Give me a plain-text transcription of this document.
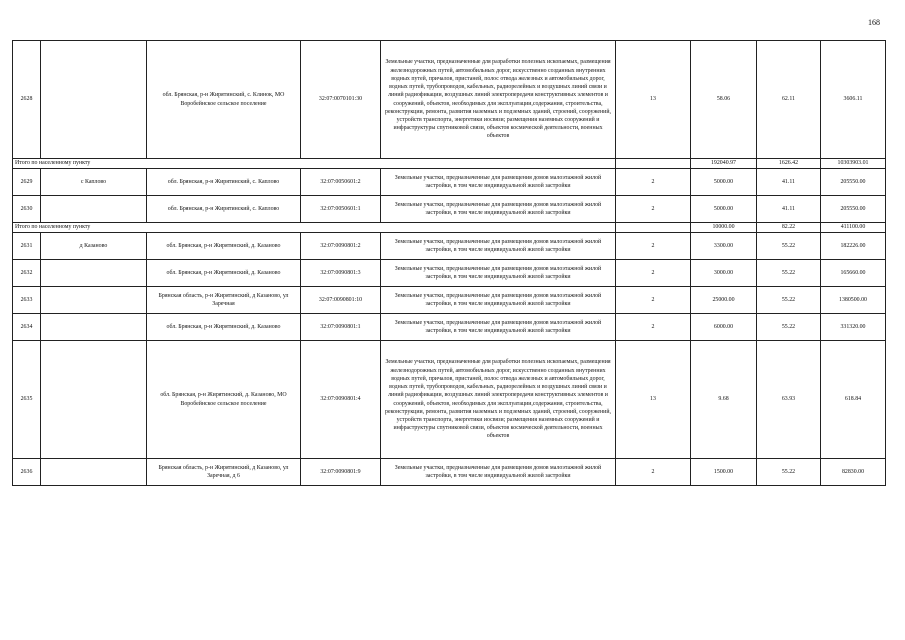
168
2628		обл. Брянская, р-н Жирятинский, с. Клинок, МО Воробейнское сельское поселение	32:07:0070101:30	Земельные участки, предназначенные для разработки полезных ископаемых, размещения железнодорожных путей, автомобильных дорог, искусственно созданных внутренних водных путей, причалов, пристаней, полос отвода железных и автомобильных дорог, водных путей, трубопроводов, кабельных, радиорелейных и воздушных линий связи и линий радиофикации, воздушных линий электропередачи конструктивных элементов и сооружений, объектов, необходимых для эксплуатации,содержания, строительства, реконструкции, ремонта, развития наземных и подземных зданий, строений, сооружений, устройств транспорта, энергетики иосвязи; размещения наземных сооружений и инфраструктуры спутниковой связи, объектов космической деятельности, военных объектов	13	58.06	62.11	3606.11
Итого по населенному пункту						192040.97	1626.42	10303903.01
2629	с Каплово	обл. Брянская, р-н Жирятинский, с. Каплово	32:07:0050601:2	Земельные участки, предназначенные для размещения домов малоэтажной жилой застройки, в том числе индивидуальной жилой застройки	2	5000.00	41.11	205550.00
2630		обл. Брянская, р-н Жирятинский, с. Каплово	32:07:0050601:1	Земельные участки, предназначенные для размещения домов малоэтажной жилой застройки, в том числе индивидуальной жилой застройки	2	5000.00	41.11	205550.00
Итого по населенному пункту						10000.00	82.22	411100.00
2631	д Казаново	обл. Брянская, р-н Жирятинский, д. Казаново	32:07:0090801:2	Земельные участки, предназначенные для размещения домов малоэтажной жилой застройки, в том числе индивидуальной жилой застройки	2	3300.00	55.22	182226.00
2632		обл. Брянская, р-н Жирятинский, д. Казаново	32:07:0090801:3	Земельные участки, предназначенные для размещения домов малоэтажной жилой застройки, в том числе индивидуальной жилой застройки	2	3000.00	55.22	165660.00
2633		Брянская область, р-н Жирятинский, д Казаново, ул Заречная	32:07:0090801:10	Земельные участки, предназначенные для размещения домов малоэтажной жилой застройки, в том числе индивидуальной жилой застройки	2	25000.00	55.22	1380500.00
2634		обл. Брянская, р-н Жирятинский, д. Казаново	32:07:0090801:1	Земельные участки, предназначенные для размещения домов малоэтажной жилой застройки, в том числе индивидуальной жилой застройки	2	6000.00	55.22	331320.00
2635		обл. Брянская, р-н Жирятинский, д. Казаново, МО Воробейнское сельское поселение	32:07:0090801:4	Земельные участки, предназначенные для разработки полезных ископаемых, размещения железнодорожных путей, автомобильных дорог, искусственно созданных внутренних водных путей, причалов, пристаней, полос отвода железных и автомобильных дорог, водных путей, трубопроводов, кабельных, радиорелейных и воздушных линий связи и линий радиофикации, воздушных линий электропередачи конструктивных элементов и сооружений, объектов, необходимых для эксплуатации,содержания, строительства, реконструкции, ремонта, развития наземных и подземных зданий, строений, сооружений, устройств транспорта, энергетики иосвязи; размещения наземных сооружений и инфраструктуры спутниковой связи, объектов космической деятельности, военных объектов	13	9.68	63.93	618.84
2636		Брянская область, р-н Жирятинский, д Казаново, ул Заречная, д 6	32:07:0090801:9	Земельные участки, предназначенные для размещения домов малоэтажной жилой застройки, в том числе индивидуальной жилой застройки	2	1500.00	55.22	82830.00
